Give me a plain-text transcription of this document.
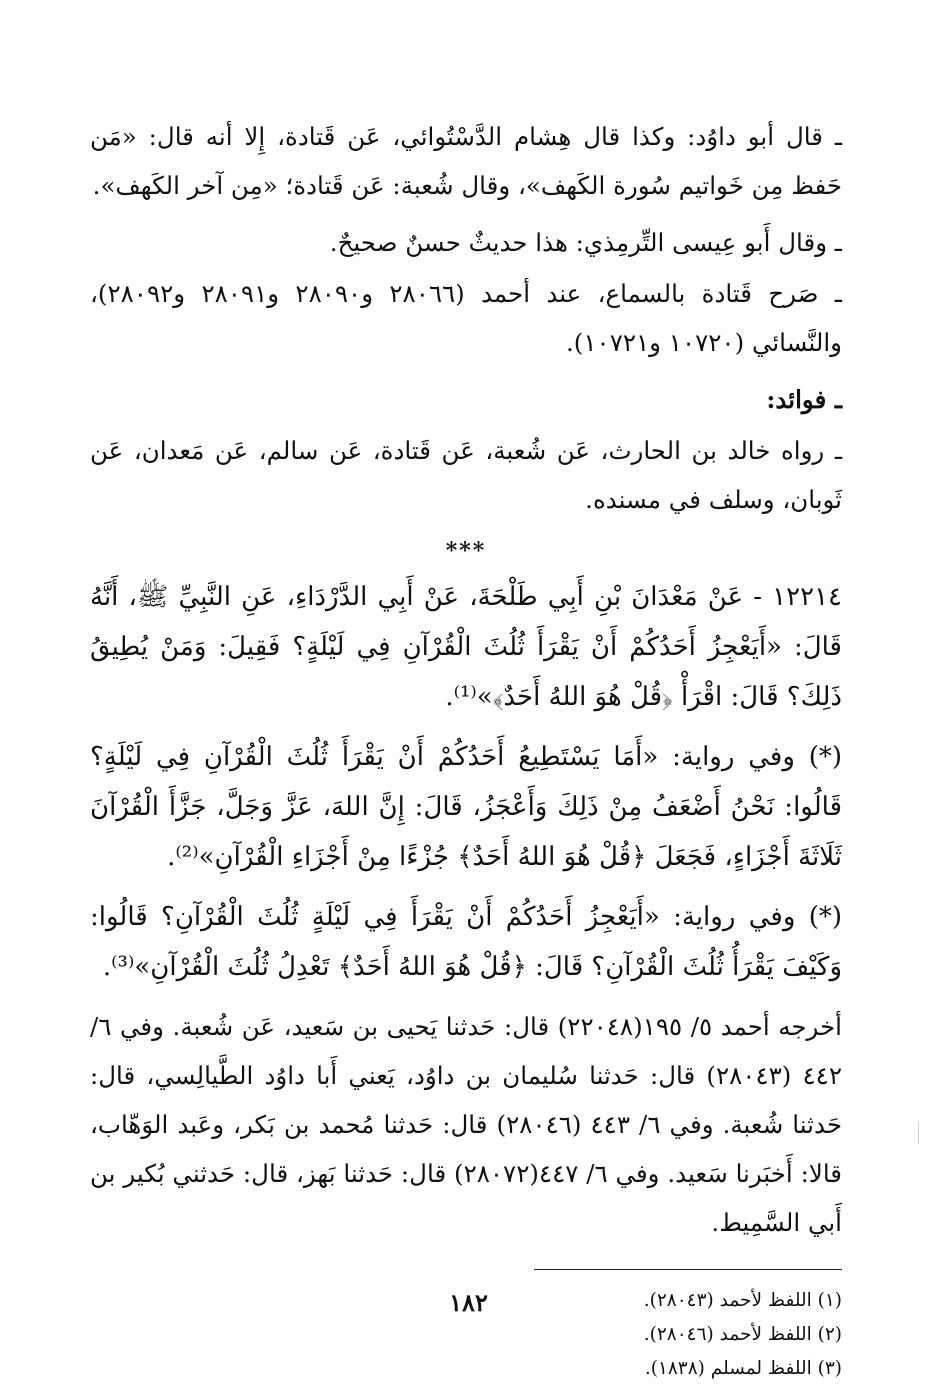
ـ قال أبو داوُد: وكذا قال هِشام الدَّسْتُوائي، عَن قَتادة، إِلا أنه قال: «مَن حَفظ مِن خَواتيم سُورة الكَهف»، وقال شُعبة: عَن قَتادة؛ «مِن آخر الكَهف».

ـ وقال أَبو عِيسى التِّرمِذي: هذا حديثٌ حسنٌ صحيحٌ.

ـ صَرح قَتادة بالسماع، عند أحمد (٢٨٠٦٦ و٢٨٠٩٠ و٢٨٠٩١ و٢٨٠٩٢)، والنَّسائي (١٠٧٢٠ و١٠٧٢١).

ـ فوائد:

ـ رواه خالد بن الحارث، عَن شُعبة، عَن قَتادة، عَن سالم، عَن مَعدان، عَن ثَوبان، وسلف في مسنده.

***

١٢٢١٤ - عَنْ مَعْدَانَ بْنِ أَبِي طَلْحَةَ، عَنْ أَبِي الدَّرْدَاءِ، عَنِ النَّبِيِّ ﷺ، أَنَّهُ قَالَ: «أَيَعْجِزُ أَحَدُكُمْ أَنْ يَقْرَأَ ثُلُثَ الْقُرْآنِ فِي لَيْلَةٍ؟ فَقِيلَ: وَمَنْ يُطِيقُ ذَلِكَ؟ قَالَ: اقْرَأْ ﴿قُلْ هُوَ اللهُ أَحَدٌ﴾»⁽¹⁾.

(*) وفي رواية: «أَمَا يَسْتَطِيعُ أَحَدُكُمْ أَنْ يَقْرَأَ ثُلُثَ الْقُرْآنِ فِي لَيْلَةٍ؟ قَالُوا: نَحْنُ أَضْعَفُ مِنْ ذَلِكَ وَأَعْجَزُ، قَالَ: إِنَّ اللهَ، عَزَّ وَجَلَّ، جَزَّأَ الْقُرْآنَ ثَلَاثَةَ أَجْزَاءٍ، فَجَعَلَ ﴿قُلْ هُوَ اللهُ أَحَدٌ﴾ جُزْءًا مِنْ أَجْزَاءِ الْقُرْآنِ»⁽²⁾.

(*) وفي رواية: «أَيَعْجِزُ أَحَدُكُمْ أَنْ يَقْرَأَ فِي لَيْلَةٍ ثُلُثَ الْقُرْآنِ؟ قَالُوا: وَكَيْفَ يَقْرَأُ ثُلُثَ الْقُرْآنِ؟ قَالَ: ﴿قُلْ هُوَ اللهُ أَحَدٌ﴾ تَعْدِلُ ثُلُثَ الْقُرْآنِ»⁽³⁾.

أخرجه أحمد ٥/ ١٩٥(٢٢٠٤٨) قال: حَدثنا يَحيى بن سَعيد، عَن شُعبة. وفي ٦/ ٤٤٢ (٢٨٠٤٣) قال: حَدثنا سُليمان بن داوُد، يَعني أَبا داوُد الطَّيالِسي، قال: حَدثنا شُعبة. وفي ٦/ ٤٤٣ (٢٨٠٤٦) قال: حَدثنا مُحمد بن بَكر، وعَبد الوَهّاب، قالا: أَخبَرنا سَعيد. وفي ٦/ ٤٤٧(٢٨٠٧٢) قال: حَدثنا بَهز، قال: حَدثني بُكير بن أَبي السَّمِيط.

(١) اللفظ لأحمد (٢٨٠٤٣).

(٢) اللفظ لأحمد (٢٨٠٤٦).

(٣) اللفظ لمسلم (١٨٣٨).

١٨٢
